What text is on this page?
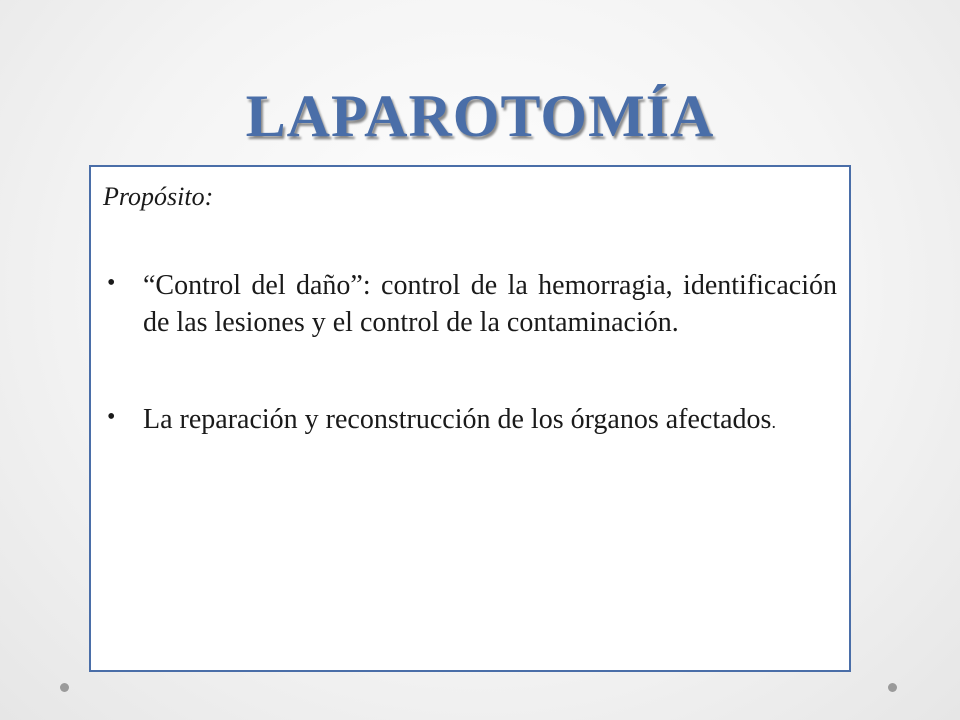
LAPAROTOMÍA
Propósito:
• “Control del daño”: control de la hemorragia, identificación de las lesiones y el control de la contaminación.
• La reparación y reconstrucción de los órganos afectados.
